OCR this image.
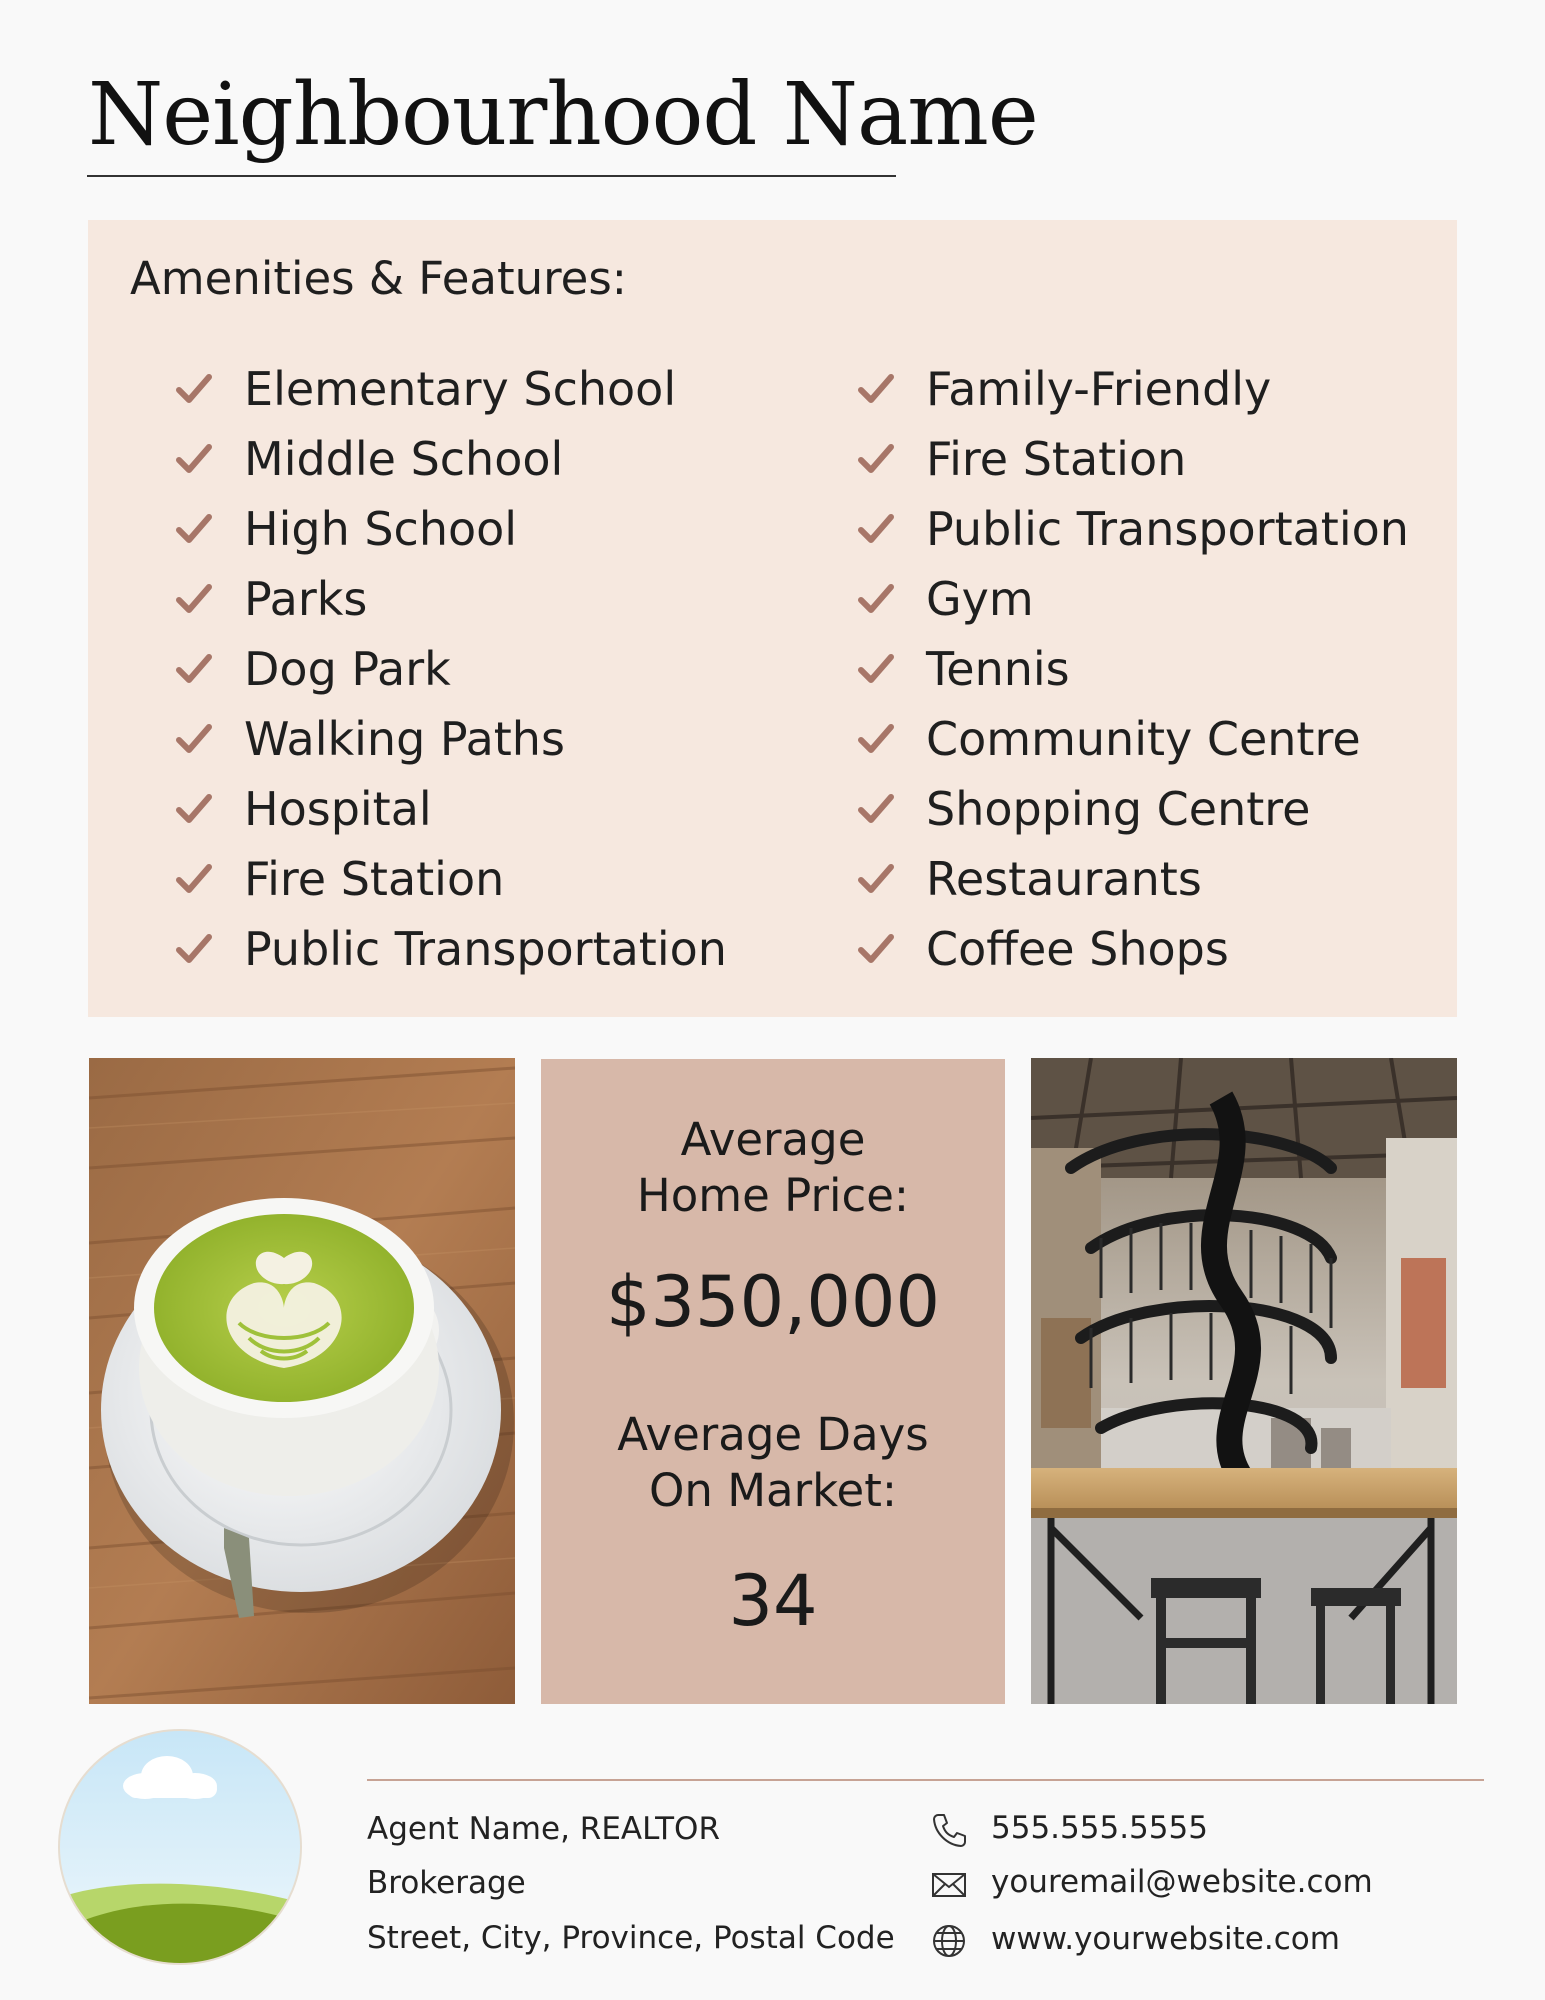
Neighbourhood Name
Amenities & Features:
Elementary School
Middle School
High School
Parks
Dog Park
Walking Paths
Hospital
Fire Station
Public Transportation
Family-Friendly
Fire Station
Public Transportation
Gym
Tennis
Community Centre
Shopping Centre
Restaurants
Coffee Shops
Average
Home Price:
$350,000
Average Days
On Market:
34
Agent Name, REALTOR
Brokerage
Street, City, Province, Postal Code
555.555.5555
youremail@website.com
www.yourwebsite.com
